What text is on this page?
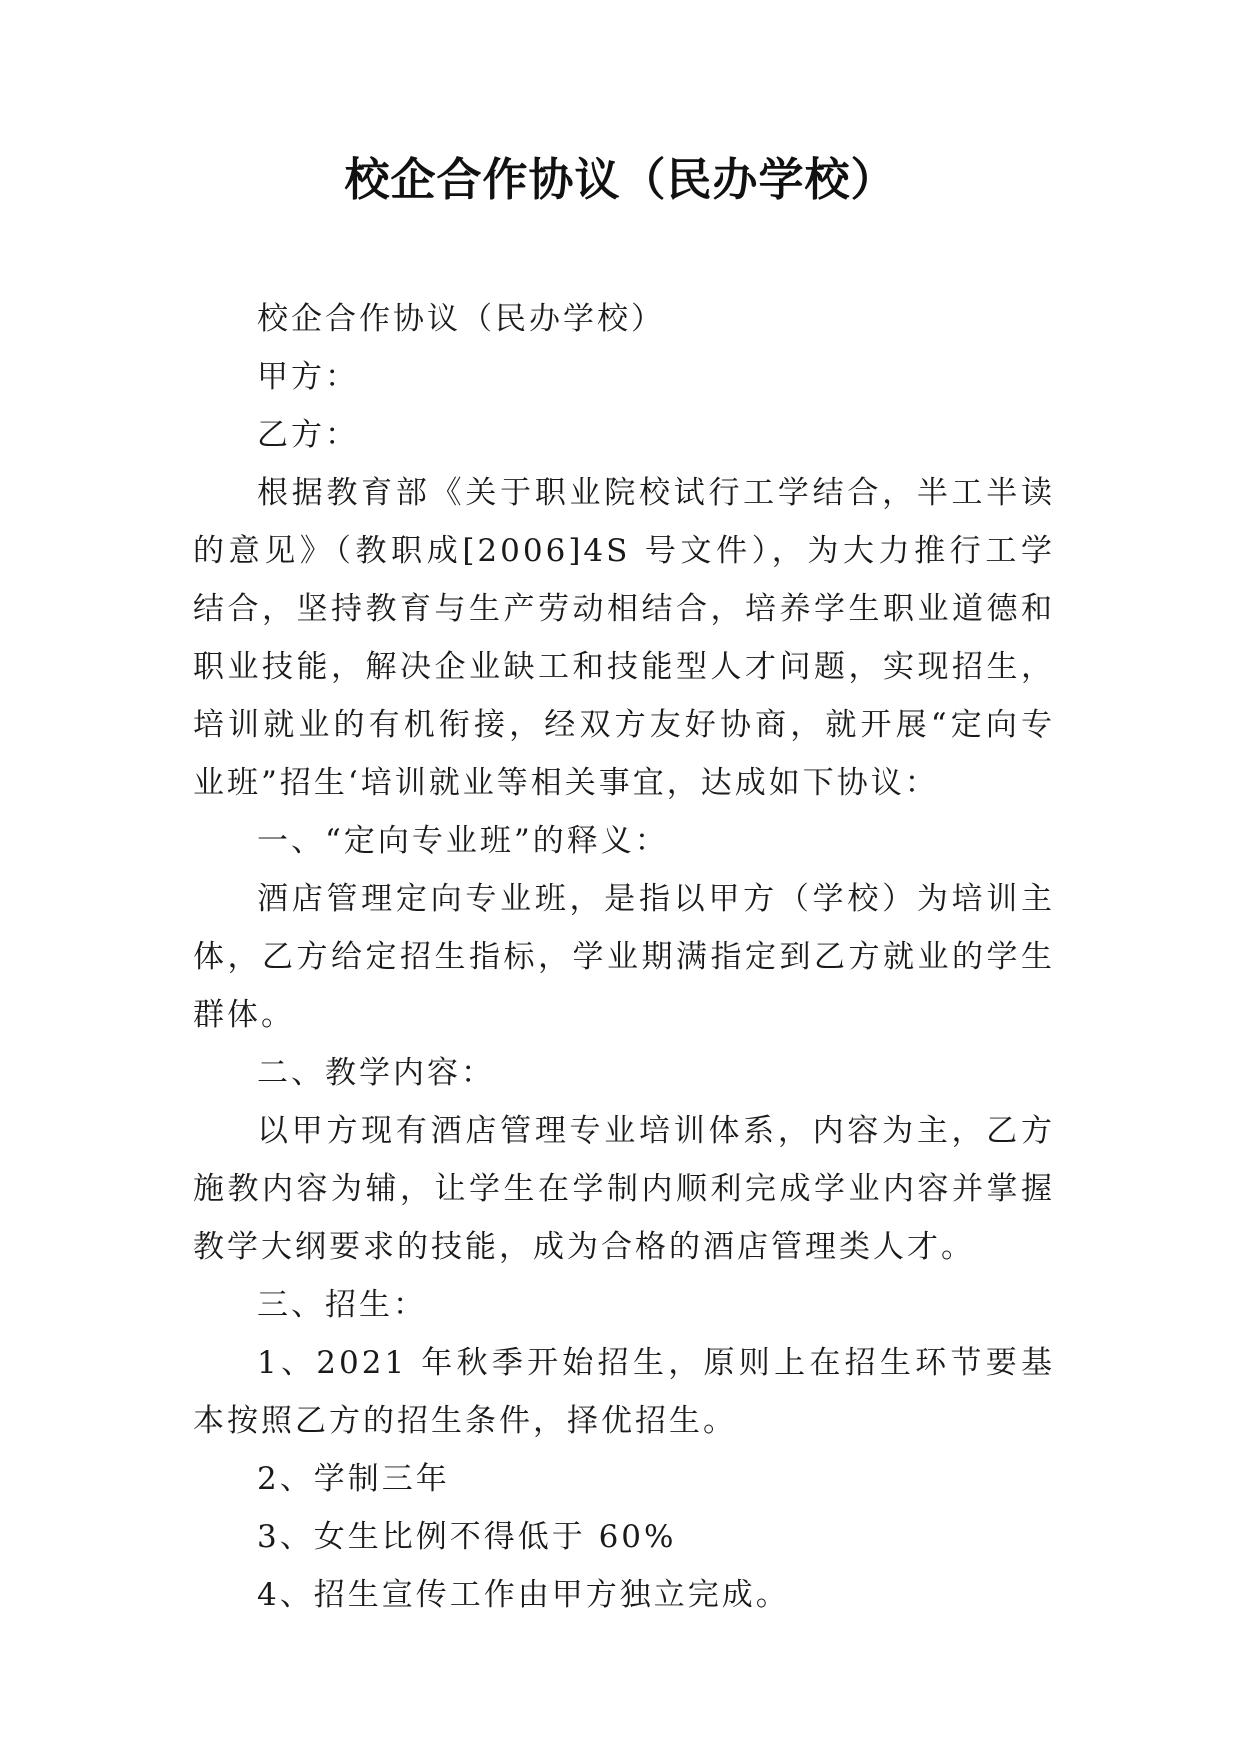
校企合作协议（民办学校）

校企合作协议（民办学校）

甲方：

乙方：

根据教育部《关于职业院校试行工学结合，半工半读的意见》（教职成[2006]4S 号文件），为大力推行工学结合，坚持教育与生产劳动相结合，培养学生职业道德和职业技能，解决企业缺工和技能型人才问题，实现招生，培训就业的有机衔接，经双方友好协商，就开展“定向专业班”招生‘培训就业等相关事宜，达成如下协议：

一、“定向专业班”的释义：

酒店管理定向专业班，是指以甲方（学校）为培训主体，乙方给定招生指标，学业期满指定到乙方就业的学生群体。

二、教学内容：

以甲方现有酒店管理专业培训体系，内容为主，乙方施教内容为辅，让学生在学制内顺利完成学业内容并掌握教学大纲要求的技能，成为合格的酒店管理类人才。

三、招生：

1、2021 年秋季开始招生，原则上在招生环节要基本按照乙方的招生条件，择优招生。

2、学制三年

3、女生比例不得低于 60%

4、招生宣传工作由甲方独立完成。
